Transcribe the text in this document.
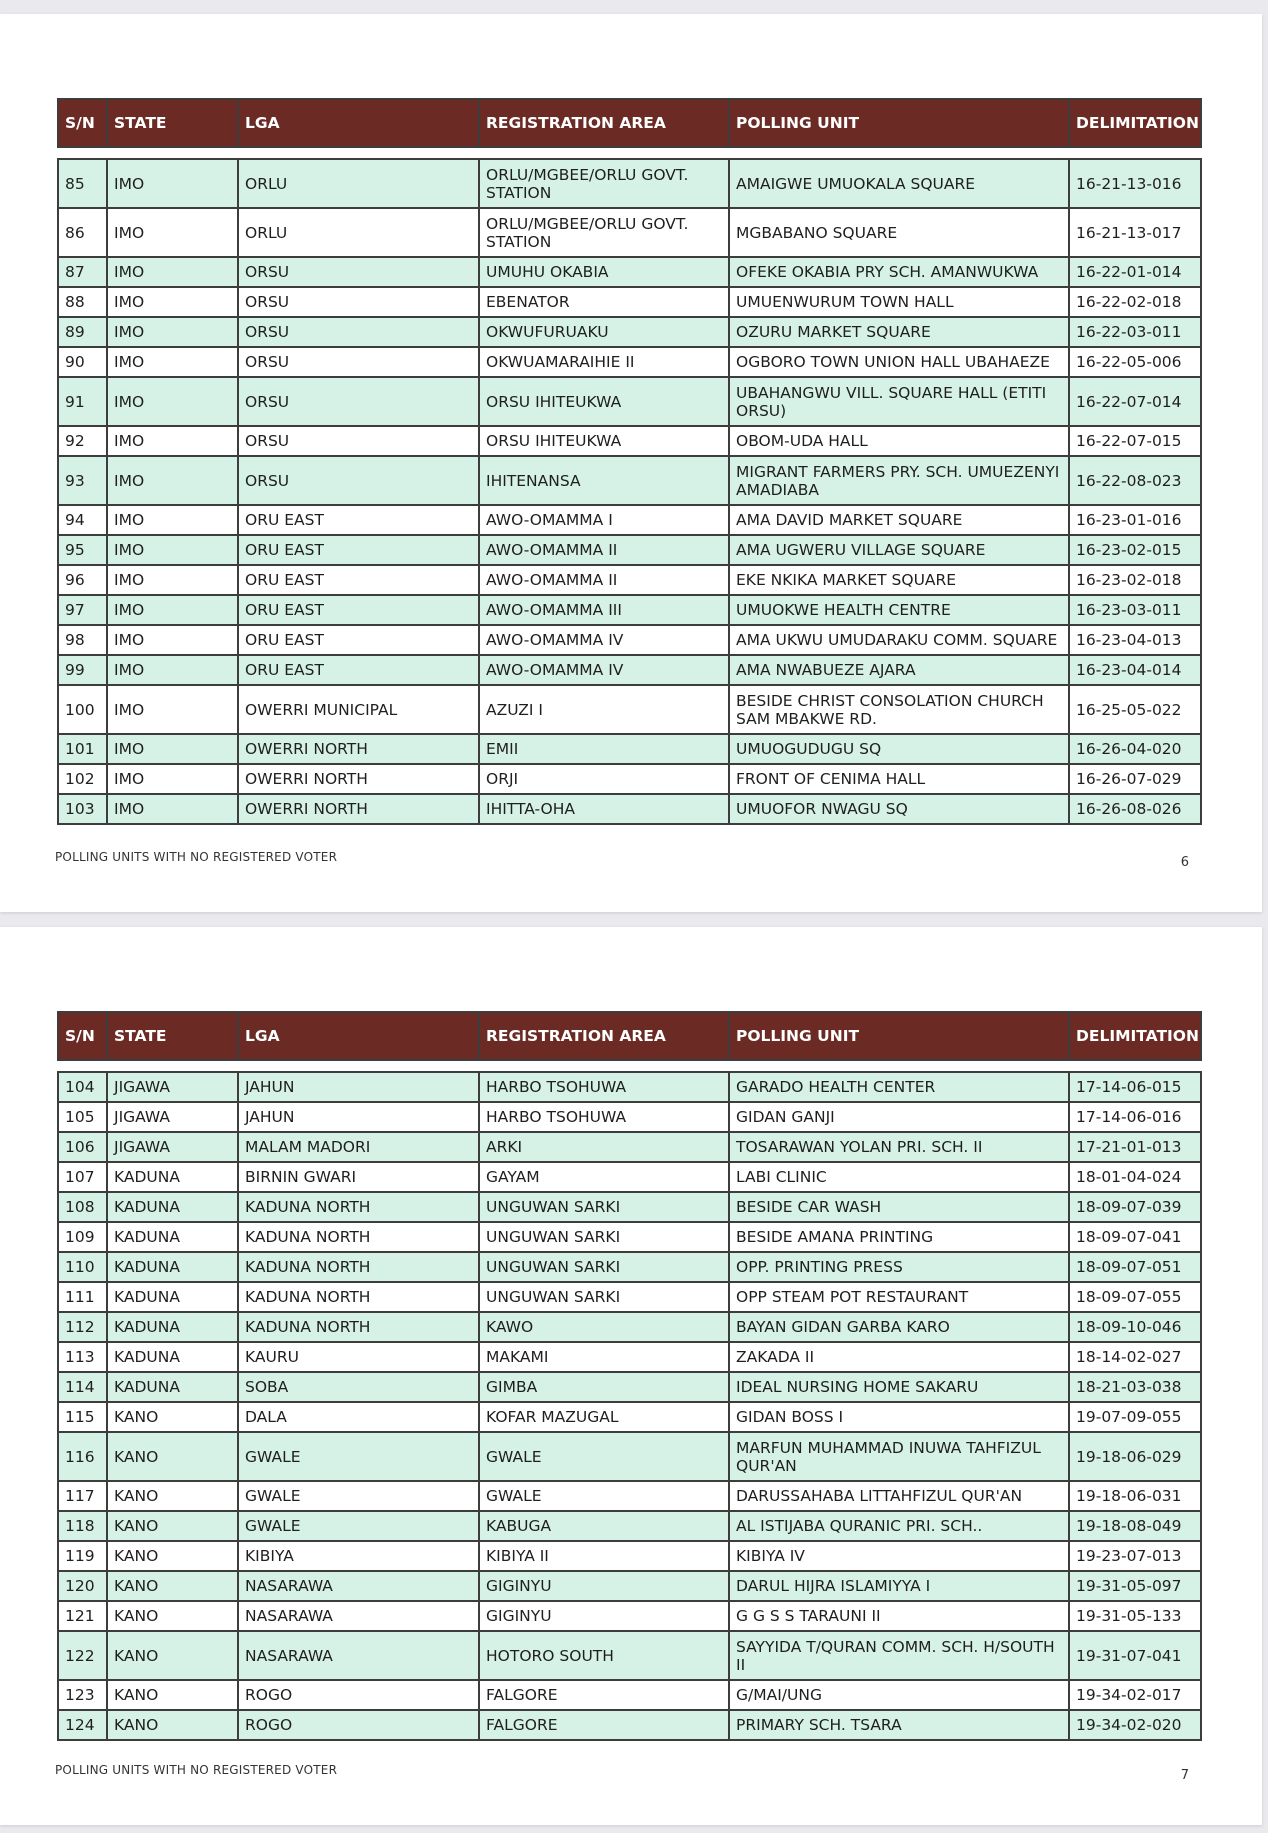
S/N	STATE	LGA	REGISTRATION AREA	POLLING UNIT	DELIMITATION

85	IMO	ORLU	ORLU/MGBEE/ORLU GOVT. STATION	AMAIGWE UMUOKALA SQUARE	16-21-13-016
86	IMO	ORLU	ORLU/MGBEE/ORLU GOVT. STATION	MGBABANO SQUARE	16-21-13-017
87	IMO	ORSU	UMUHU OKABIA	OFEKE OKABIA PRY SCH. AMANWUKWA	16-22-01-014
88	IMO	ORSU	EBENATOR	UMUENWURUM TOWN HALL	16-22-02-018
89	IMO	ORSU	OKWUFURUAKU	OZURU MARKET SQUARE	16-22-03-011
90	IMO	ORSU	OKWUAMARAIHIE II	OGBORO TOWN UNION HALL UBAHAEZE	16-22-05-006
91	IMO	ORSU	ORSU IHITEUKWA	UBAHANGWU VILL. SQUARE HALL (ETITI ORSU)	16-22-07-014
92	IMO	ORSU	ORSU IHITEUKWA	OBOM-UDA HALL	16-22-07-015
93	IMO	ORSU	IHITENANSA	MIGRANT FARMERS PRY. SCH. UMUEZENYI AMADIABA	16-22-08-023
94	IMO	ORU EAST	AWO-OMAMMA I	AMA DAVID MARKET SQUARE	16-23-01-016
95	IMO	ORU EAST	AWO-OMAMMA II	AMA UGWERU VILLAGE SQUARE	16-23-02-015
96	IMO	ORU EAST	AWO-OMAMMA II	EKE NKIKA MARKET SQUARE	16-23-02-018
97	IMO	ORU EAST	AWO-OMAMMA III	UMUOKWE HEALTH CENTRE	16-23-03-011
98	IMO	ORU EAST	AWO-OMAMMA IV	AMA UKWU UMUDARAKU COMM. SQUARE	16-23-04-013
99	IMO	ORU EAST	AWO-OMAMMA IV	AMA NWABUEZE AJARA	16-23-04-014
100	IMO	OWERRI MUNICIPAL	AZUZI I	BESIDE CHRIST CONSOLATION CHURCH SAM MBAKWE RD.	16-25-05-022
101	IMO	OWERRI NORTH	EMII	UMUOGUDUGU SQ	16-26-04-020
102	IMO	OWERRI NORTH	ORJI	FRONT OF CENIMA HALL	16-26-07-029
103	IMO	OWERRI NORTH	IHITTA-OHA	UMUOFOR NWAGU SQ	16-26-08-026
POLLING UNITS WITH NO REGISTERED VOTER	6
S/N	STATE	LGA	REGISTRATION AREA	POLLING UNIT	DELIMITATION

104	JIGAWA	JAHUN	HARBO TSOHUWA	GARADO HEALTH CENTER	17-14-06-015
105	JIGAWA	JAHUN	HARBO TSOHUWA	GIDAN GANJI	17-14-06-016
106	JIGAWA	MALAM MADORI	ARKI	TOSARAWAN YOLAN PRI. SCH. II	17-21-01-013
107	KADUNA	BIRNIN GWARI	GAYAM	LABI CLINIC	18-01-04-024
108	KADUNA	KADUNA NORTH	UNGUWAN SARKI	BESIDE CAR WASH	18-09-07-039
109	KADUNA	KADUNA NORTH	UNGUWAN SARKI	BESIDE AMANA PRINTING	18-09-07-041
110	KADUNA	KADUNA NORTH	UNGUWAN SARKI	OPP. PRINTING PRESS	18-09-07-051
111	KADUNA	KADUNA NORTH	UNGUWAN SARKI	OPP STEAM POT RESTAURANT	18-09-07-055
112	KADUNA	KADUNA NORTH	KAWO	BAYAN GIDAN GARBA KARO	18-09-10-046
113	KADUNA	KAURU	MAKAMI	ZAKADA II	18-14-02-027
114	KADUNA	SOBA	GIMBA	IDEAL NURSING HOME SAKARU	18-21-03-038
115	KANO	DALA	KOFAR MAZUGAL	GIDAN BOSS I	19-07-09-055
116	KANO	GWALE	GWALE	MARFUN MUHAMMAD INUWA TAHFIZUL QUR'AN	19-18-06-029
117	KANO	GWALE	GWALE	DARUSSAHABA LITTAHFIZUL QUR'AN	19-18-06-031
118	KANO	GWALE	KABUGA	AL ISTIJABA QURANIC PRI. SCH..	19-18-08-049
119	KANO	KIBIYA	KIBIYA II	KIBIYA IV	19-23-07-013
120	KANO	NASARAWA	GIGINYU	DARUL HIJRA ISLAMIYYA I	19-31-05-097
121	KANO	NASARAWA	GIGINYU	G G S S TARAUNI II	19-31-05-133
122	KANO	NASARAWA	HOTORO SOUTH	SAYYIDA T/QURAN COMM. SCH. H/SOUTH II	19-31-07-041
123	KANO	ROGO	FALGORE	G/MAI/UNG	19-34-02-017
124	KANO	ROGO	FALGORE	PRIMARY SCH. TSARA	19-34-02-020
POLLING UNITS WITH NO REGISTERED VOTER	7
